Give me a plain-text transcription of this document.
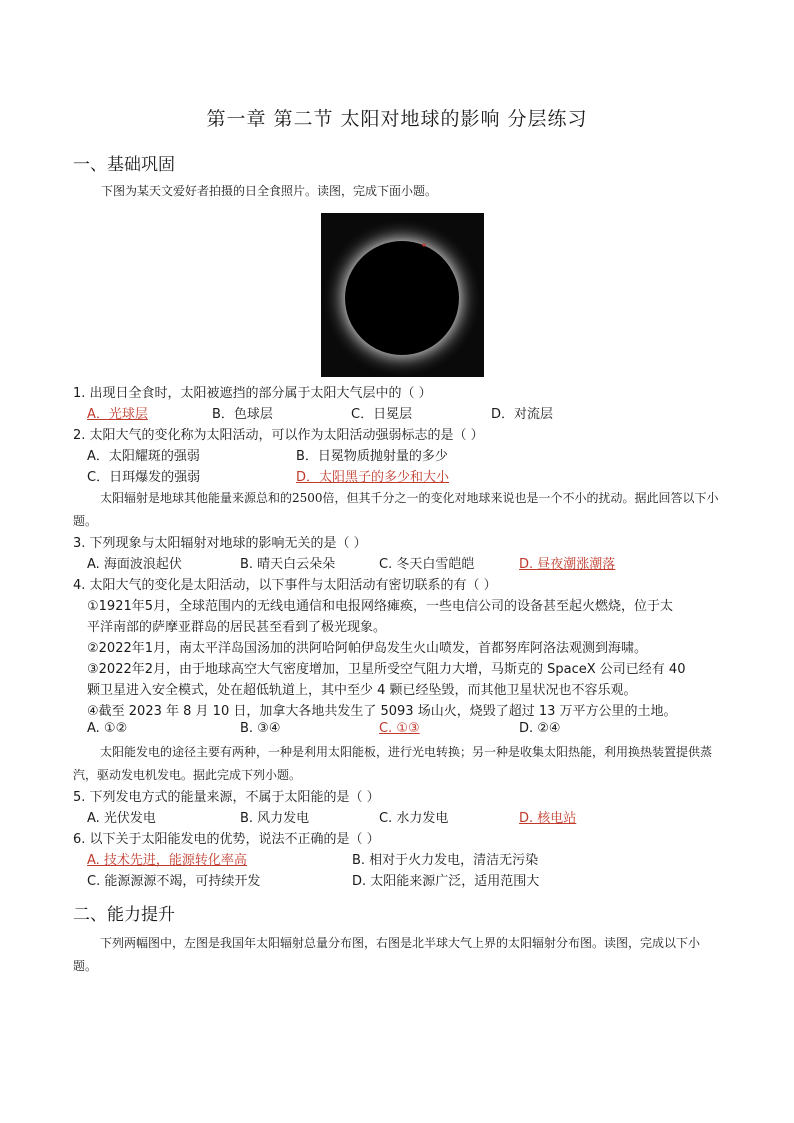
第一章 第二节 太阳对地球的影响 分层练习
一、基础巩固
下图为某天文爱好者拍摄的日全食照片。读图，完成下面小题。
1. 出现日全食时，太阳被遮挡的部分属于太阳大气层中的（ ）
A．光球层	B．色球层	C．日冕层	D．对流层
2. 太阳大气的变化称为太阳活动，可以作为太阳活动强弱标志的是（ ）
A．太阳耀斑的强弱	B．日冕物质抛射量的多少
C．日珥爆发的强弱	D．太阳黑子的多少和大小
太阳辐射是地球其他能量来源总和的2500倍，但其千分之一的变化对地球来说也是一个不小的扰动。据此回答以下小题。
3. 下列现象与太阳辐射对地球的影响无关的是（ ）
A. 海面波浪起伏	B. 晴天白云朵朵	C. 冬天白雪皑皑	D. 昼夜潮涨潮落
4. 太阳大气的变化是太阳活动，以下事件与太阳活动有密切联系的有（ ）
①1921年5月，全球范围内的无线电通信和电报网络瘫痪，一些电信公司的设备甚至起火燃烧，位于太
平洋南部的萨摩亚群岛的居民甚至看到了极光现象。
②2022年1月，南太平洋岛国汤加的洪阿哈阿帕伊岛发生火山喷发，首都努库阿洛法观测到海啸。
③2022年2月，由于地球高空大气密度增加，卫星所受空气阻力大增，马斯克的 SpaceX 公司已经有 40
颗卫星进入安全模式，处在超低轨道上，其中至少 4 颗已经坠毁，而其他卫星状况也不容乐观。
④截至 2023 年 8 月 10 日，加拿大各地共发生了 5093 场山火，烧毁了超过 13 万平方公里的土地。
A. ①②	B. ③④	C. ①③	D. ②④
太阳能发电的途径主要有两种，一种是利用太阳能板，进行光电转换；另一种是收集太阳热能，利用换热装置提供蒸汽，驱动发电机发电。据此完成下列小题。
5. 下列发电方式的能量来源，不属于太阳能的是（ ）
A. 光伏发电	B. 风力发电	C. 水力发电	D. 核电站
6. 以下关于太阳能发电的优势，说法不正确的是（ ）
A. 技术先进，能源转化率高	B. 相对于火力发电，清洁无污染
C. 能源源源不竭，可持续开发	D. 太阳能来源广泛，适用范围大
二、能力提升
下列两幅图中，左图是我国年太阳辐射总量分布图，右图是北半球大气上界的太阳辐射分布图。读图，完成以下小题。
